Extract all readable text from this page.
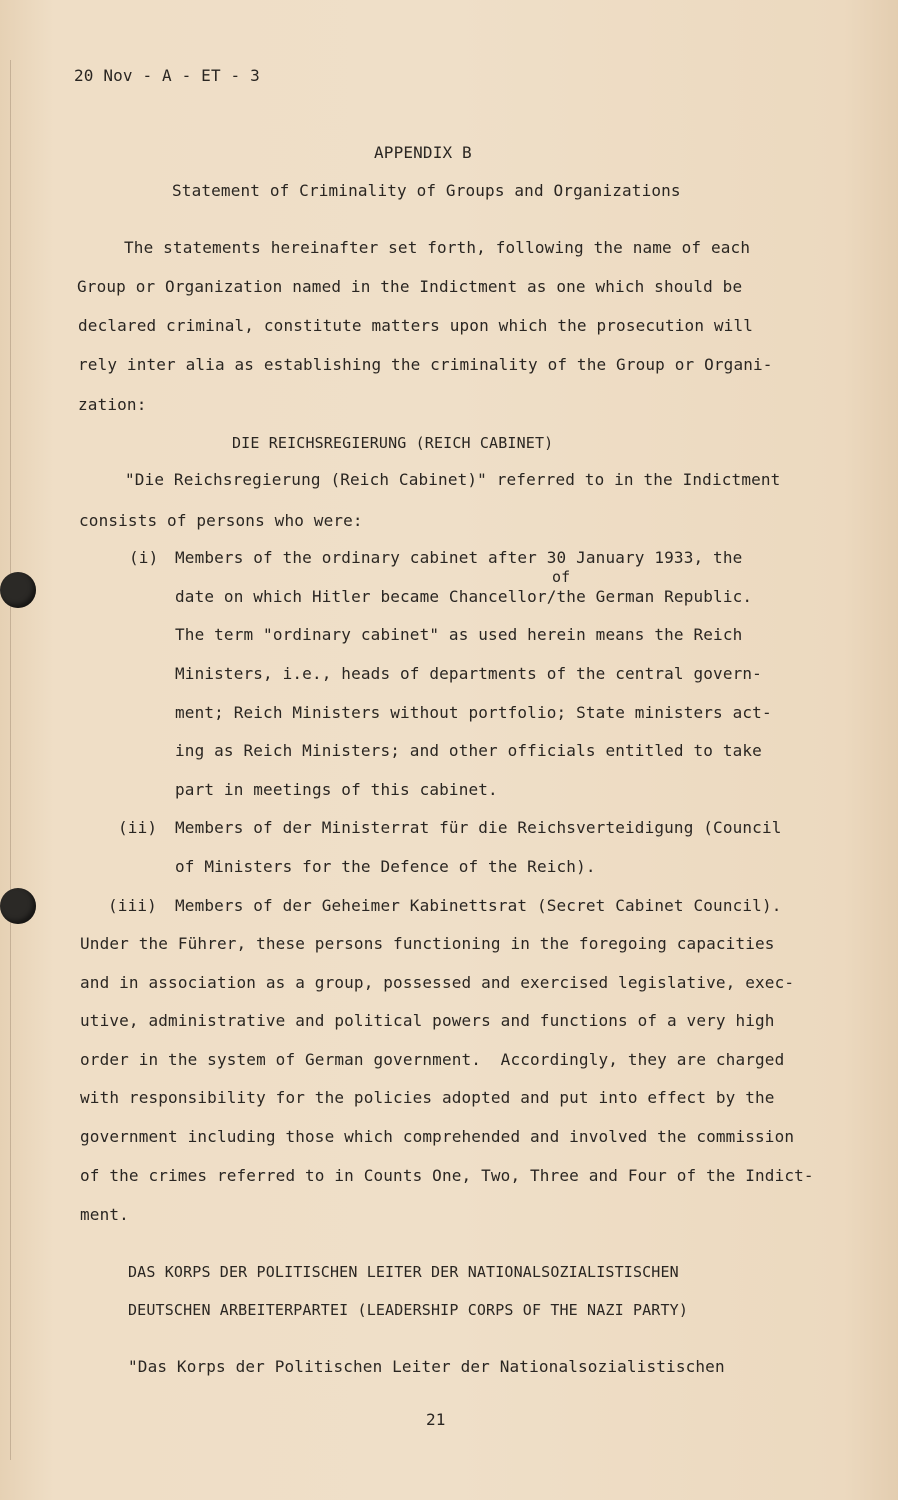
20 Nov - A - ET - 3
APPENDIX B
Statement of Criminality of Groups and Organizations
The statements hereinafter set forth, following the name of each
Group or Organization named in the Indictment as one which should be
declared criminal, constitute matters upon which the prosecution will
rely inter alia as establishing the criminality of the Group or Organi-
zation:
DIE REICHSREGIERUNG (REICH CABINET)
"Die Reichsregierung (Reich Cabinet)" referred to in the Indictment
consists of persons who were:
(i) Members of the ordinary cabinet after 30 January 1933, the
of
date on which Hitler became Chancellor/the German Republic.
The term "ordinary cabinet" as used herein means the Reich
Ministers, i.e., heads of departments of the central govern-
ment; Reich Ministers without portfolio; State ministers act-
ing as Reich Ministers; and other officials entitled to take
part in meetings of this cabinet.
(ii) Members of der Ministerrat für die Reichsverteidigung (Council
of Ministers for the Defence of the Reich).
(iii) Members of der Geheimer Kabinettsrat (Secret Cabinet Council).
Under the Führer, these persons functioning in the foregoing capacities
and in association as a group, possessed and exercised legislative, exec-
utive, administrative and political powers and functions of a very high
order in the system of German government.  Accordingly, they are charged
with responsibility for the policies adopted and put into effect by the
government including those which comprehended and involved the commission
of the crimes referred to in Counts One, Two, Three and Four of the Indict-
ment.
DAS KORPS DER POLITISCHEN LEITER DER NATIONALSOZIALISTISCHEN
DEUTSCHEN ARBEITERPARTEI (LEADERSHIP CORPS OF THE NAZI PARTY)
"Das Korps der Politischen Leiter der Nationalsozialistischen
21
